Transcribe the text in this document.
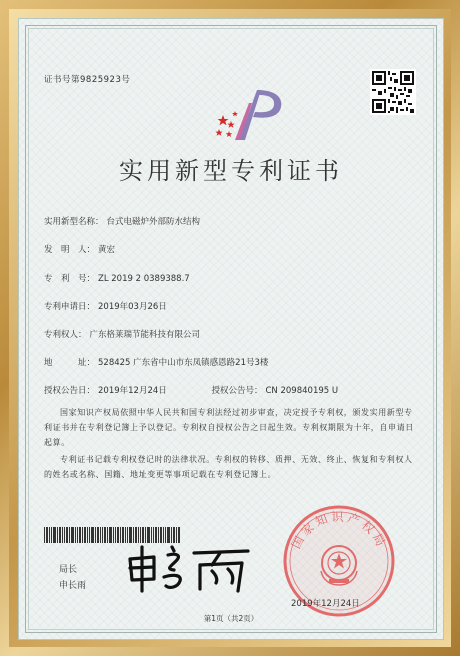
证书号第9825923号
实用新型专利证书
实用新型名称： 台式电磁炉外部防水结构
发　明　人： 黄宏
专　利　号： ZL 2019 2 0389388.7
专利申请日： 2019年03月26日
专利权人： 广东格莱瑞节能科技有限公司
地　　　址： 528425 广东省中山市东凤镇感恩路21号3楼
授权公告日： 2019年12月24日	授权公告号： CN 209840195 U
国家知识产权局依照中华人民共和国专利法经过初步审查，决定授予专利权，颁发实用新型专利证书并在专利登记簿上予以登记。专利权自授权公告之日起生效。专利权期限为十年，自申请日起算。
专利证书记载专利权登记时的法律状况。专利权的转移、质押、无效、终止、恢复和专利权人的姓名或名称、国籍、地址变更等事项记载在专利登记簿上。
局长
申长雨
国家知识产权局
2019年12月24日
第1页（共2页）
